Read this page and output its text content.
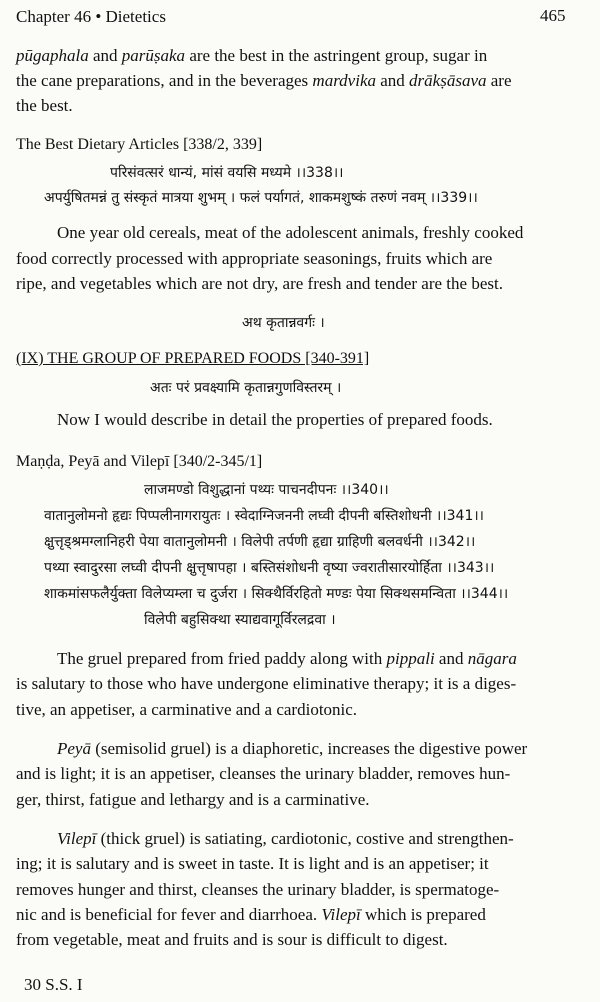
Chapter 46 • Dietetics	465
pūgaphala and parūṣaka are the best in the astringent group, sugar in
the cane preparations, and in the beverages mardvika and drākṣāsava are
the best.
The Best Dietary Articles [338/2, 339]
परिसंवत्सरं धान्यं, मांसं वयसि मध्यमे ।।338।।
अपर्युषितमन्नं तु संस्कृतं मात्रया शुभम् । फलं पर्यागतं, शाकमशुष्कं तरुणं नवम् ।।339।।
One year old cereals, meat of the adolescent animals, freshly cooked
food correctly processed with appropriate seasonings, fruits which are
ripe, and vegetables which are not dry, are fresh and tender are the best.
अथ कृतान्नवर्गः ।
(IX) THE GROUP OF PREPARED FOODS [340-391]
अतः परं प्रवक्ष्यामि कृतान्नगुणविस्तरम् ।
Now I would describe in detail the properties of prepared foods.
Maṇḍa, Peyā and Vilepī [340/2-345/1]
लाजमण्डो विशुद्धानां पथ्यः पाचनदीपनः ।।340।।
वातानुलोमनो हृद्यः पिप्पलीनागरायुतः । स्वेदाग्निजननी लघ्वी दीपनी बस्तिशोधनी ।।341।।
क्षुत्तृड्श्रमग्लानिहरी पेया वातानुलोमनी । विलेपी तर्पणी हृद्या ग्राहिणी बलवर्धनी ।।342।।
पथ्या स्वादुरसा लघ्वी दीपनी क्षुत्तृषापहा । बस्तिसंशोधनी वृष्या ज्वरातीसारयोर्हिता ।।343।।
शाकमांसफलैर्युक्ता विलेप्यम्ला च दुर्जरा । सिक्थैर्विरहितो मण्डः पेया सिक्थसमन्विता ।।344।।
विलेपी बहुसिक्था स्याद्यवागूर्विरलद्रवा ।
The gruel prepared from fried paddy along with pippali and nāgara
is salutary to those who have undergone eliminative therapy; it is a diges-
tive, an appetiser, a carminative and a cardiotonic.
Peyā (semisolid gruel) is a diaphoretic, increases the digestive power
and is light; it is an appetiser, cleanses the urinary bladder, removes hun-
ger, thirst, fatigue and lethargy and is a carminative.
Vilepī (thick gruel) is satiating, cardiotonic, costive and strengthen-
ing; it is salutary and is sweet in taste. It is light and is an appetiser; it
removes hunger and thirst, cleanses the urinary bladder, is spermatoge-
nic and is beneficial for fever and diarrhoea. Vilepī which is prepared
from vegetable, meat and fruits and is sour is difficult to digest.
30 S.S. I
